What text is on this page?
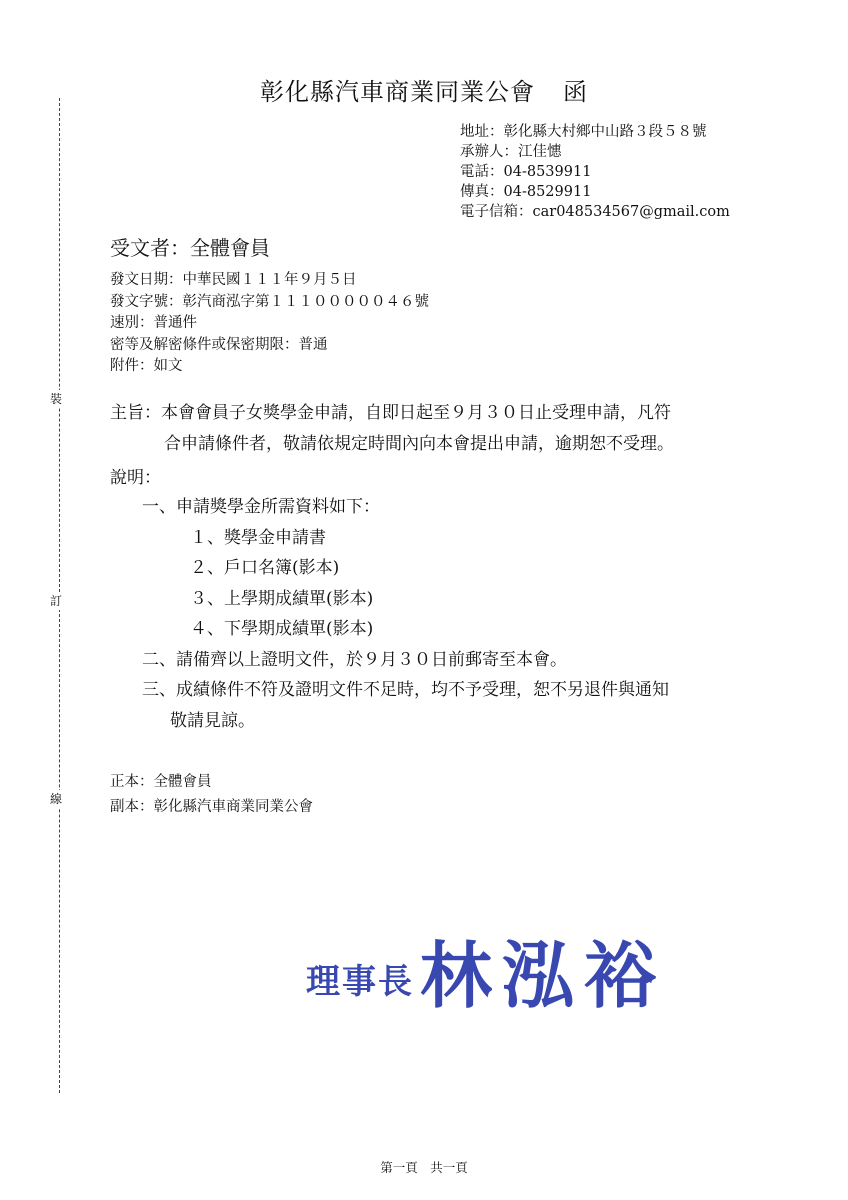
裝
訂
線
彰化縣汽車商業同業公會 函
地址：彰化縣大村鄉中山路３段５８號
承辦人：江佳憓
電話：04-8539911
傳真：04-8529911
電子信箱：car048534567@gmail.com
受文者：全體會員
發文日期：中華民國１１１年９月５日
發文字號：彰汽商泓字第１１１０００００４６號
速別：普通件
密等及解密條件或保密期限：普通
附件：如文
主旨：本會會員子女獎學金申請，自即日起至９月３０日止受理申請，凡符
合申請條件者，敬請依規定時間內向本會提出申請，逾期恕不受理。
說明：
一、申請獎學金所需資料如下：
１、獎學金申請書
２、戶口名簿(影本)
３、上學期成績單(影本)
４、下學期成績單(影本)
二、請備齊以上證明文件，於９月３０日前郵寄至本會。
三、成績條件不符及證明文件不足時，均不予受理，恕不另退件與通知
敬請見諒。
正本：全體會員
副本：彰化縣汽車商業同業公會
理事長林泓裕
第一頁　共一頁
